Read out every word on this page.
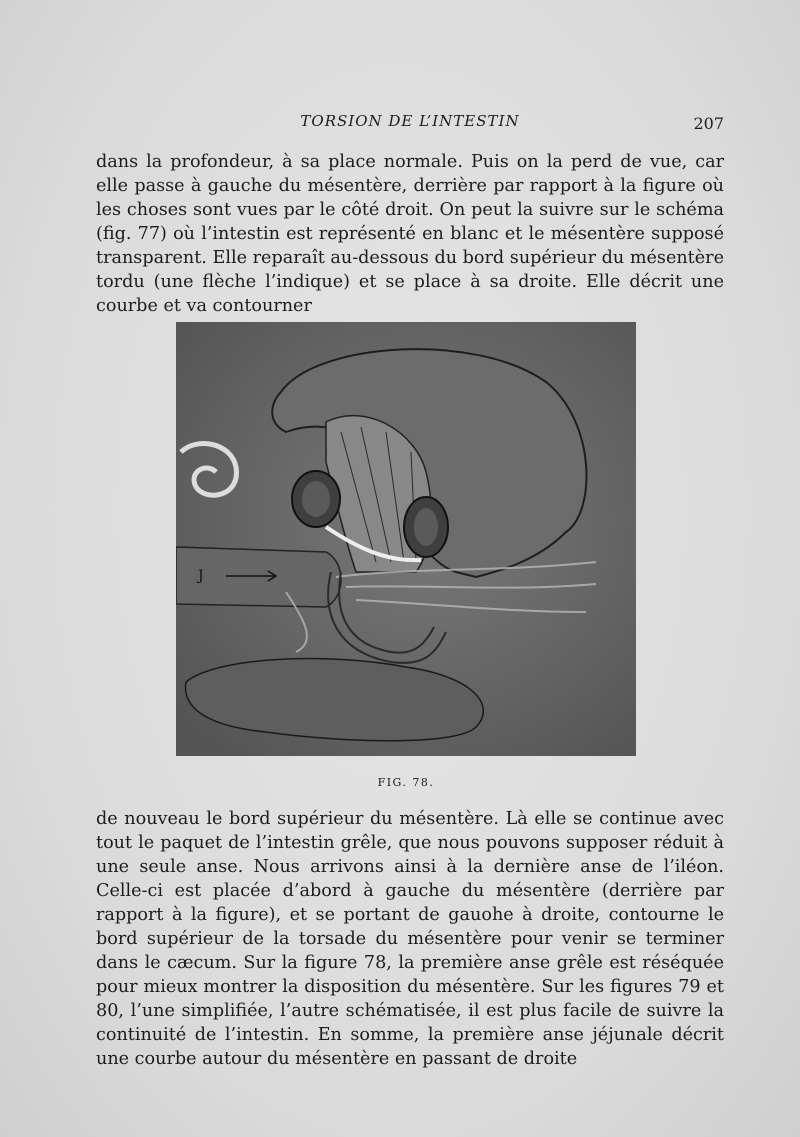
TORSION DE L’INTESTIN	207

dans la profondeur, à sa place normale. Puis on la perd de vue, car elle passe à gauche du mésentère, derrière par rapport à la figure où les choses sont vues par le côté droit. On peut la suivre sur le schéma (fig. 77) où l’intestin est représenté en blanc et le mésentère supposé transparent. Elle reparaît au-dessous du bord supérieur du mésentère tordu (une flèche l’indique) et se place à sa droite. Elle décrit une courbe et va contourner

J
FIG. 78.

de nouveau le bord supérieur du mésentère. Là elle se continue avec tout le paquet de l’intestin grêle, que nous pouvons supposer réduit à une seule anse. Nous arrivons ainsi à la dernière anse de l’iléon. Celle-ci est placée d’abord à gauche du mésentère (derrière par rapport à la figure), et se portant de gauohe à droite, contourne le bord supérieur de la torsade du mésentère pour venir se terminer dans le cæcum. Sur la figure 78, la première anse grêle est réséquée pour mieux montrer la disposition du mésentère. Sur les figures 79 et 80, l’une simplifiée, l’autre schématisée, il est plus facile de suivre la continuité de l’intestin. En somme, la première anse jéjunale décrit une courbe autour du mésentère en passant de droite
